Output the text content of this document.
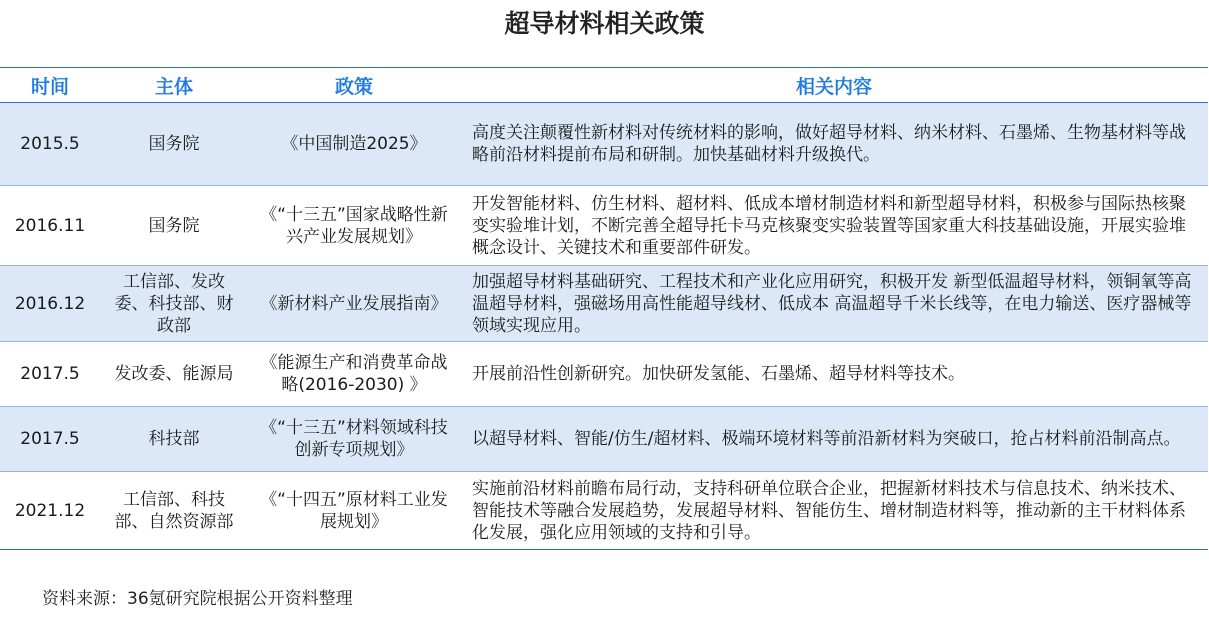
超导材料相关政策
时间	主体	政策	相关内容
2015.5	国务院	《中国制造2025》	高度关注颠覆性新材料对传统材料的影响，做好超导材料、纳米材料、石墨烯、生物基材料等战略前沿材料提前布局和研制。加快基础材料升级换代。
2016.11	国务院	《“十三五”国家战略性新兴产业发展规划》	开发智能材料、仿生材料、超材料、低成本增材制造材料和新型超导材料，积极参与国际热核聚变实验堆计划，不断完善全超导托卡马克核聚变实验装置等国家重大科技基础设施，开展实验堆概念设计、关键技术和重要部件研发。
2016.12	工信部、发改委、科技部、财政部	《新材料产业发展指南》	加强超导材料基础研究、工程技术和产业化应用研究，积极开发 新型低温超导材料，领铜氧等高温超导材料，强磁场用高性能超导线材、低成本 高温超导千米长线等，在电力输送、医疗器械等领域实现应用。
2017.5	发改委、能源局	《能源生产和消费革命战略(2016-2030) 》	开展前沿性创新研究。加快研发氢能、石墨烯、超导材料等技术。
2017.5	科技部	《“十三五”材料领域科技创新专项规划》	以超导材料、智能/仿生/超材料、极端环境材料等前沿新材料为突破口，抢占材料前沿制高点。
2021.12	工信部、科技部、自然资源部	《“十四五”原材料工业发展规划》	实施前沿材料前瞻布局行动，支持科研单位联合企业，把握新材料技术与信息技术、纳米技术、智能技术等融合发展趋势，发展超导材料、智能仿生、增材制造材料等，推动新的主干材料体系化发展，强化应用领域的支持和引导。
资料来源：36氪研究院根据公开资料整理
